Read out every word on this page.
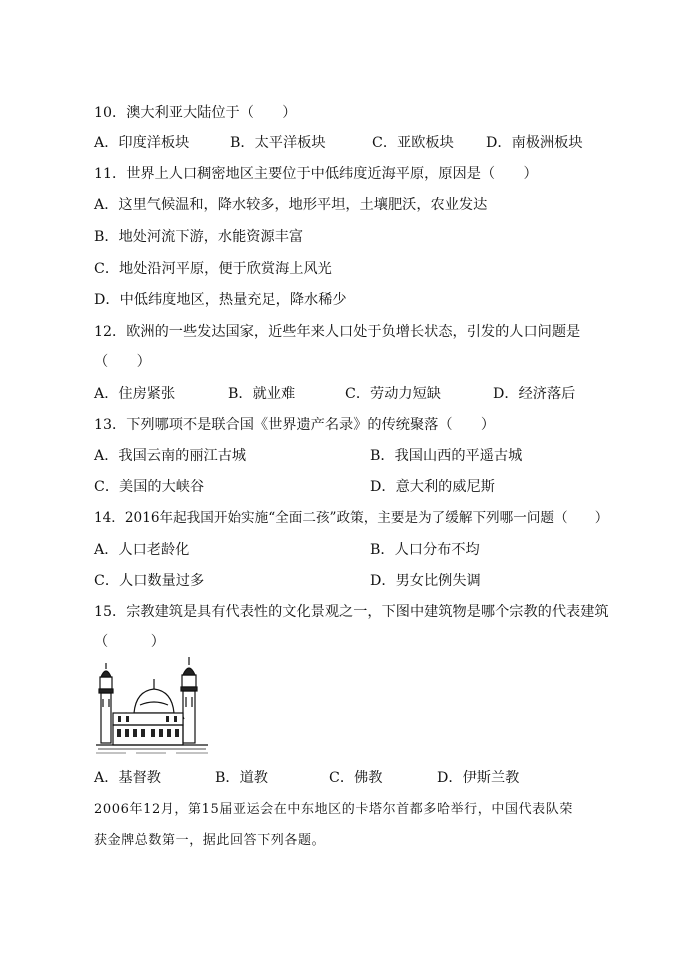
10．澳大利亚大陆位于（　　）
A．印度洋板块	B．太平洋板块	C．亚欧板块 D．南极洲板块
11．世界上人口稠密地区主要位于中低纬度近海平原，原因是（　　）
A．这里气候温和，降水较多，地形平坦，土壤肥沃，农业发达
B．地处河流下游，水能资源丰富
C．地处沿河平原，便于欣赏海上风光
D．中低纬度地区，热量充足，降水稀少
12．欧洲的一些发达国家，近些年来人口处于负增长状态，引发的人口问题是
（　　）
A．住房紧张	B．就业难	C．劳动力短缺	D．经济落后
13．下列哪项不是联合国《世界遗产名录》的传统聚落（　　）
A．我国云南的丽江古城	B．我国山西的平遥古城
C．美国的大峡谷	D．意大利的威尼斯
14．2016年起我国开始实施“全面二孩”政策，主要是为了缓解下列哪一问题（　　）
A．人口老龄化	B．人口分布不均
C．人口数量过多	D．男女比例失调
15．宗教建筑是具有代表性的文化景观之一，下图中建筑物是哪个宗教的代表建筑
（　　　）
A．基督教	B．道教	C．佛教	D．伊斯兰教
2006年12月，第15届亚运会在中东地区的卡塔尔首都多哈举行，中国代表队荣
获金牌总数第一，据此回答下列各题。
